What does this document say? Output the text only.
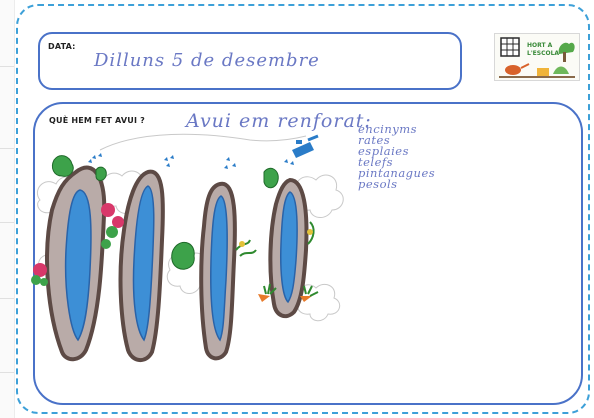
DATA:
Dilluns 5 de desembre
HORT A
L'ESCOLA
QUÈ HEM FET AVUI ? Avui em renforat:
encinyms
rates
esplaies
telefs
pintanagues
pesols
